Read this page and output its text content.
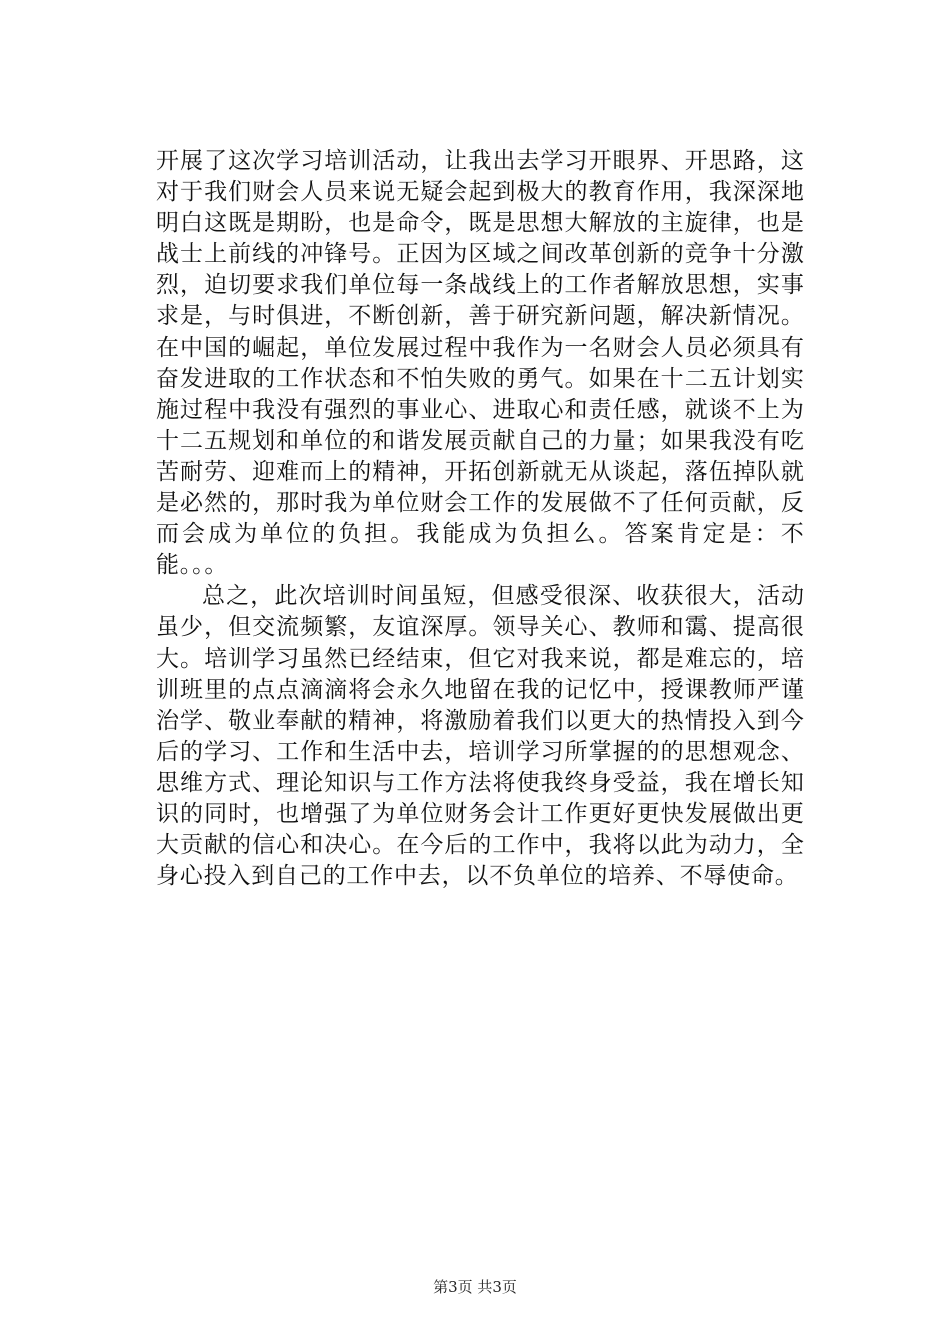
开 展 了 这 次 学 习 培 训 活 动 ， 让 我 出 去 学 习 开 眼 界 、 开 思 路 ， 这
对 于 我 们 财 会 人 员 来 说 无 疑 会 起 到 极 大 的 教 育 作 用 ， 我 深 深 地
明 白 这 既 是 期 盼 ， 也 是 命 令 ， 既 是 思 想 大 解 放 的 主 旋 律 ， 也 是
战 士 上 前 线 的 冲 锋 号 。 正 因 为 区 域 之 间 改 革 创 新 的 竞 争 十 分 激
烈 ， 迫 切 要 求 我 们 单 位 每 一 条 战 线 上 的 工 作 者 解 放 思 想 ， 实 事
求 是 ， 与 时 俱 进 ， 不 断 创 新 ， 善 于 研 究 新 问 题 ， 解 决 新 情 况 。
在 中 国 的 崛 起 ， 单 位 发 展 过 程 中 我 作 为 一 名 财 会 人 员 必 须 具 有
奋 发 进 取 的 工 作 状 态 和 不 怕 失 败 的 勇 气 。 如 果 在 十 二 五 计 划 实
施 过 程 中 我 没 有 强 烈 的 事 业 心 、 进 取 心 和 责 任 感 ， 就 谈 不 上 为
十 二 五 规 划 和 单 位 的 和 谐 发 展 贡 献 自 己 的 力 量 ； 如 果 我 没 有 吃
苦 耐 劳 、 迎 难 而 上 的 精 神 ， 开 拓 创 新 就 无 从 谈 起 ， 落 伍 掉 队 就
是 必 然 的 ， 那 时 我 为 单 位 财 会 工 作 的 发 展 做 不 了 任 何 贡 献 ， 反
而 会 成 为 单 位 的 负 担 。 我 能 成 为 负 担 么 。 答 案 肯 定 是 ： 不
能。。。
总 之 ， 此 次 培 训 时 间 虽 短 ， 但 感 受 很 深 、 收 获 很 大 ， 活 动
虽 少 ， 但 交 流 频 繁 ， 友 谊 深 厚 。 领 导 关 心 、 教 师 和 霭 、 提 高 很
大 。 培 训 学 习 虽 然 已 经 结 束 ， 但 它 对 我 来 说 ， 都 是 难 忘 的 ， 培
训 班 里 的 点 点 滴 滴 将 会 永 久 地 留 在 我 的 记 忆 中 ， 授 课 教 师 严 谨
治 学 、 敬 业 奉 献 的 精 神 ， 将 激 励 着 我 们 以 更 大 的 热 情 投 入 到 今
后 的 学 习 、 工 作 和 生 活 中 去 ， 培 训 学 习 所 掌 握 的 的 思 想 观 念 、
思 维 方 式 、 理 论 知 识 与 工 作 方 法 将 使 我 终 身 受 益 ， 我 在 增 长 知
识 的 同 时 ， 也 增 强 了 为 单 位 财 务 会 计 工 作 更 好 更 快 发 展 做 出 更
大 贡 献 的 信 心 和 决 心 。 在 今 后 的 工 作 中 ， 我 将 以 此 为 动 力 ， 全
身心投入到自己的工作中去，以不负单位的培养、不辱使命。
第3页 共3页
